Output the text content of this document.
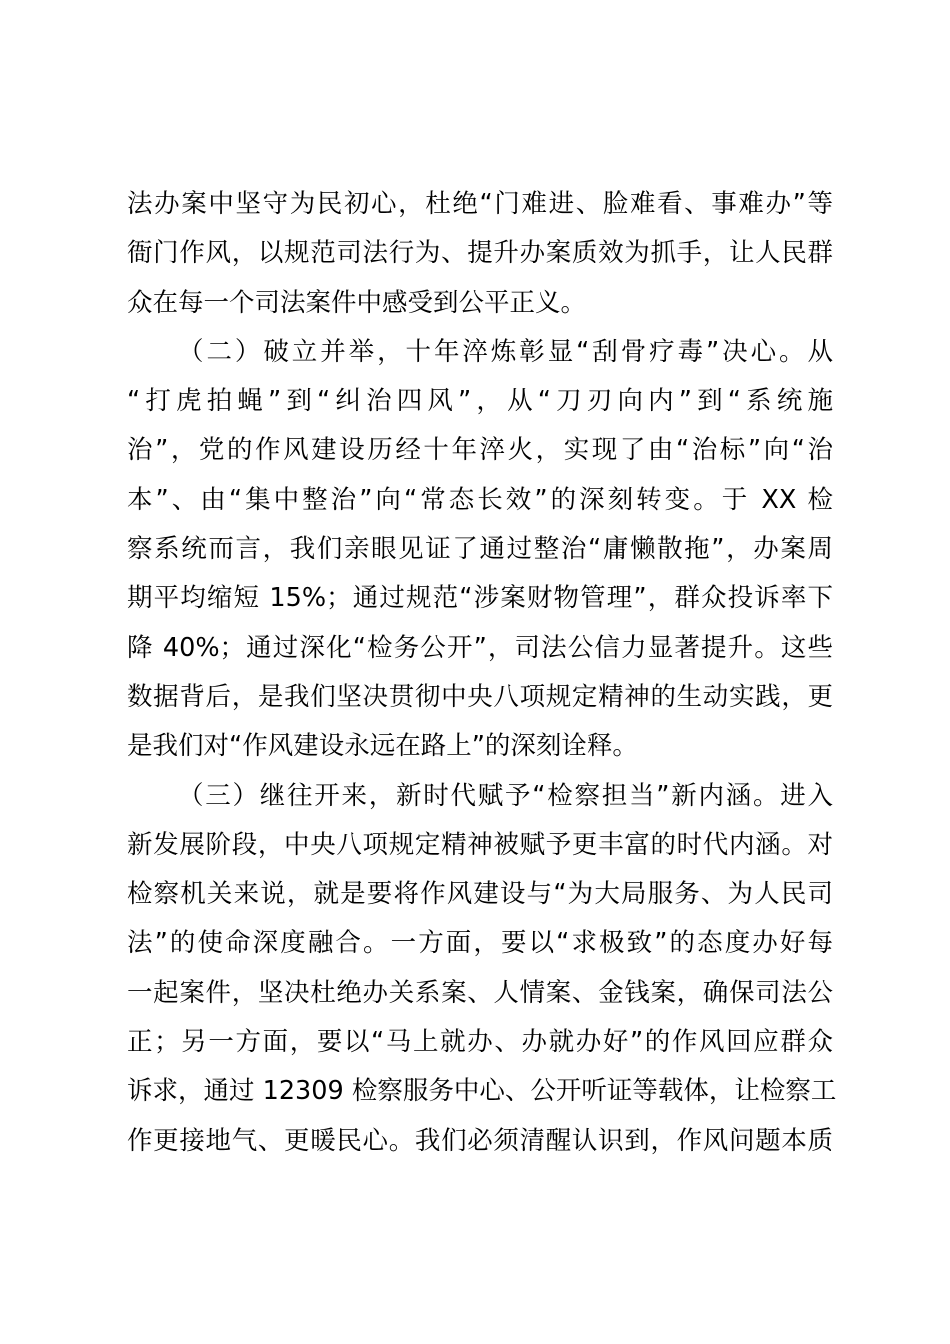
法办案中坚守为民初心，杜绝“门难进、脸难看、事难办”等
衙门作风，以规范司法行为、提升办案质效为抓手，让人民群
众在每一个司法案件中感受到公平正义。
（二）破立并举，十年淬炼彰显“刮骨疗毒”决心。从
“打虎拍蝇”到“纠治四风”，从“刀刃向内”到“系统施
治”，党的作风建设历经十年淬火，实现了由“治标”向“治
本”、由“集中整治”向“常态长效”的深刻转变。于 XX 检
察系统而言，我们亲眼见证了通过整治“庸懒散拖”，办案周
期平均缩短 15%；通过规范“涉案财物管理”，群众投诉率下
降 40%；通过深化“检务公开”，司法公信力显著提升。这些
数据背后，是我们坚决贯彻中央八项规定精神的生动实践，更
是我们对“作风建设永远在路上”的深刻诠释。
（三）继往开来，新时代赋予“检察担当”新内涵。进入
新发展阶段，中央八项规定精神被赋予更丰富的时代内涵。对
检察机关来说，就是要将作风建设与“为大局服务、为人民司
法”的使命深度融合。一方面，要以“求极致”的态度办好每
一起案件，坚决杜绝办关系案、人情案、金钱案，确保司法公
正；另一方面，要以“马上就办、办就办好”的作风回应群众
诉求，通过 12309 检察服务中心、公开听证等载体，让检察工
作更接地气、更暖民心。我们必须清醒认识到，作风问题本质
